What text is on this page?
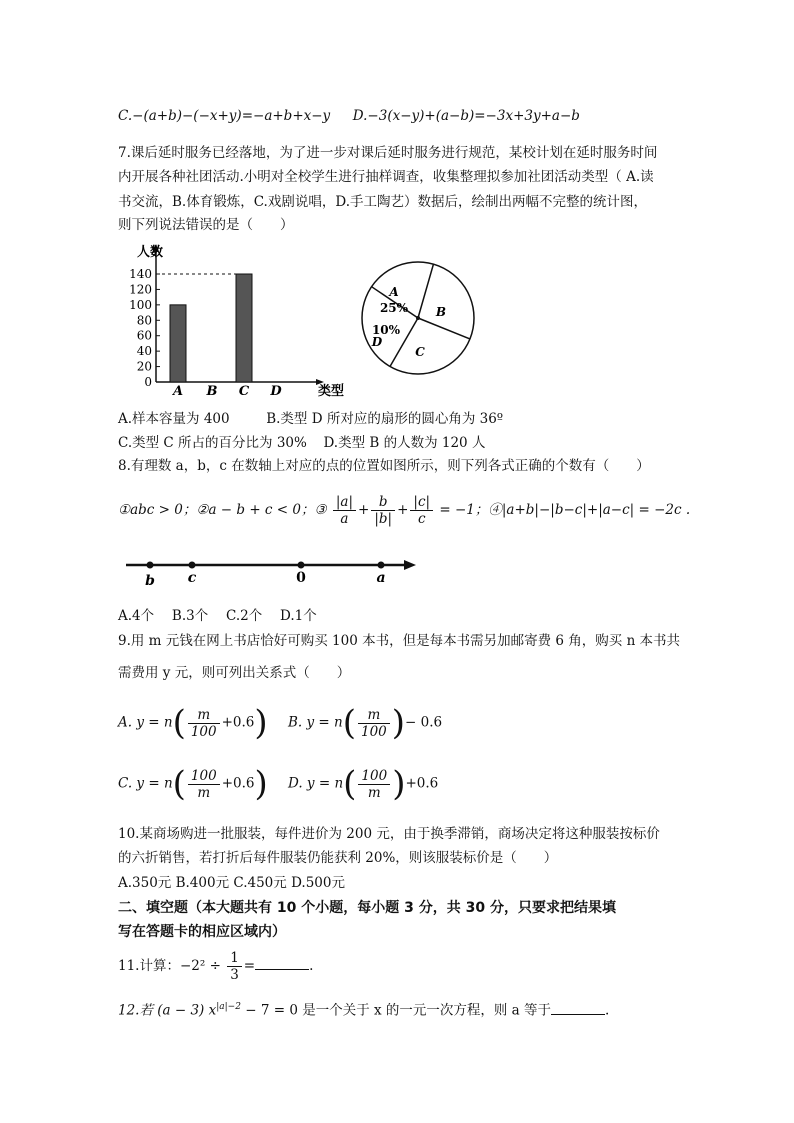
C.−(a+b)−(−x+y)=−a+b+x−y D.−3(x−y)+(a−b)=−3x+3y+a−b
7.课后延时服务已经落地，为了进一步对课后延时服务进行规范，某校计划在延时服务时间
内开展各种社团活动.小明对全校学生进行抽样调查，收集整理拟参加社团活动类型（ A.读
书交流，B.体育锻炼，C.戏剧说唱，D.手工陶艺）数据后，绘制出两幅不完整的统计图，
则下列说法错误的是（　　）
人数
类型
0
20
40
60
80
100
120
140
A B C D
A
25% B
C
10%
D
A.样本容量为 400	B.类型 D 所对应的扇形的圆心角为 36º
C.类型 C 所占的百分比为 30% D.类型 B 的人数为 120 人
8.有理数 a，b，c 在数轴上对应的点的位置如图所示，则下列各式正确的个数有（　　）
①abc > 0；②a − b + c < 0；③ $\frac{|a|}{a} + \frac{b}{|b|} + \frac{|c|}{c} = -1$；④|a+b|−|b−c|+|a−c| = −2c .
b c	0	a
A.4个　 B.3个　 C.2个　 D.1个
9.用 m 元钱在网上书店恰好可购买 100 本书，但是每本书需另加邮寄费 6 角，购买 n 本书共
需费用 y 元，则可列出关系式（　　）
A. $y = n( \frac{m}{100} +0.6)$ B. $y = n( \frac{m}{100}$ )− 0.6
C. $y = n( \frac{100}{m} +0.6)$ D. $y = n( \frac{100}{m} )+0.6$
10.某商场购进一批服装，每件进价为 200 元，由于换季滞销，商场决定将这种服装按标价
的六折销售，若打折后每件服装仍能获利 20%，则该服装标价是（　　）
A.350元 B.400元 C.450元 D.500元
二、填空题（本大题共有 10 个小题，每小题 3 分，共 30 分，只要求把结果填
写在答题卡的相应区域内）
11.计算：$-2^2 \div \frac{1}{3}$ =	.
12.若 (a − 3) $x^{|a|-2} - 7 = 0$ 是一个关于 x 的一元一次方程，则 a 等于	.
